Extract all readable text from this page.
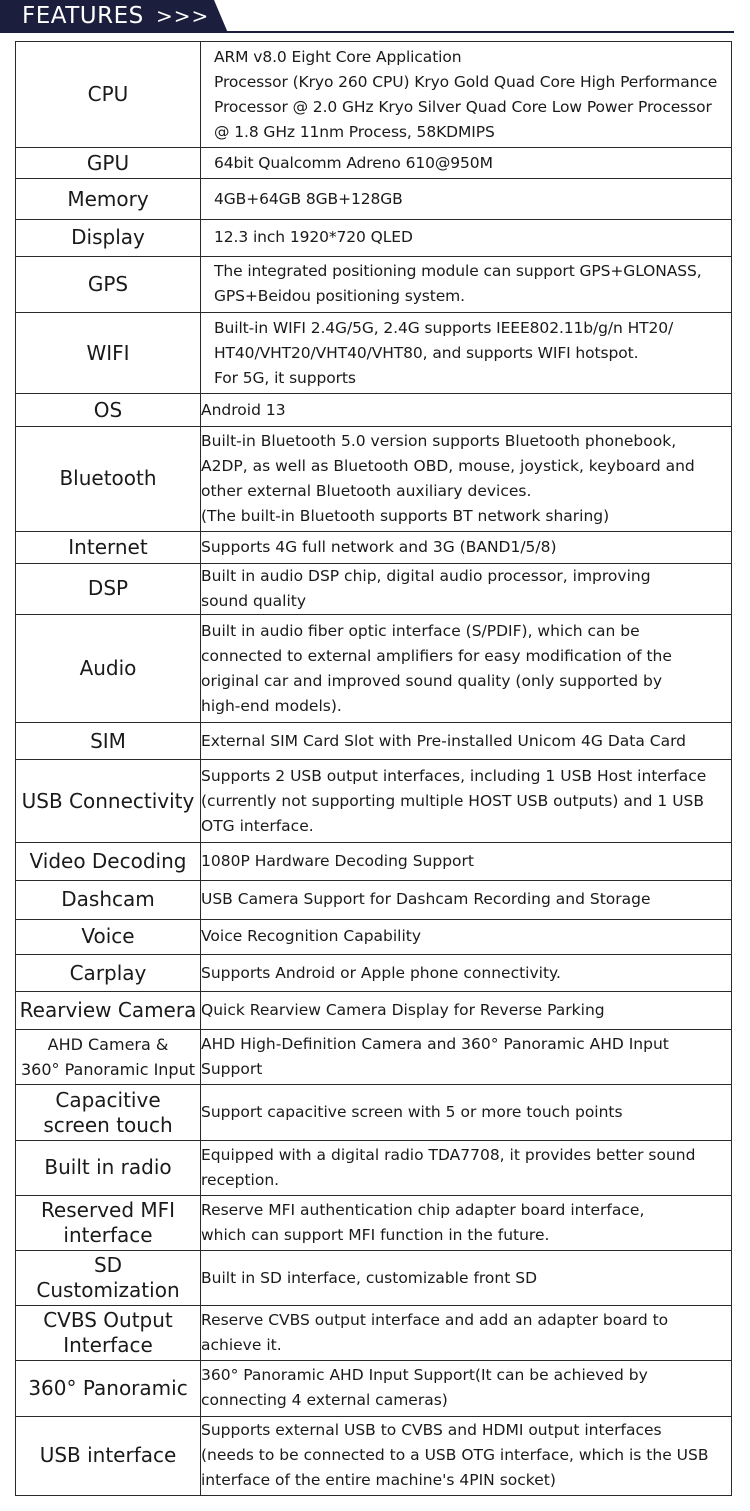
FEATURES >>>
CPU	ARM v8.0 Eight Core Application
Processor (Kryo 260 CPU) Kryo Gold Quad Core High Performance
Processor @ 2.0 GHz Kryo Silver Quad Core Low Power Processor
@ 1.8 GHz 11nm Process, 58KDMIPS
GPU	64bit Qualcomm Adreno 610@950M
Memory	4GB+64GB 8GB+128GB
Display	12.3 inch 1920*720 QLED
GPS	The integrated positioning module can support GPS+GLONASS,
GPS+Beidou positioning system.
WIFI	Built-in WIFI 2.4G/5G, 2.4G supports IEEE802.11b/g/n HT20/
HT40/VHT20/VHT40/VHT80, and supports WIFI hotspot.
For 5G, it supports
OS	Android 13
Bluetooth	Built-in Bluetooth 5.0 version supports Bluetooth phonebook,
A2DP, as well as Bluetooth OBD, mouse, joystick, keyboard and
other external Bluetooth auxiliary devices.
(The built-in Bluetooth supports BT network sharing)
Internet	Supports 4G full network and 3G (BAND1/5/8)
DSP	Built in audio DSP chip, digital audio processor, improving
sound quality
Audio	Built in audio fiber optic interface (S/PDIF), which can be
connected to external amplifiers for easy modification of the
original car and improved sound quality (only supported by
high-end models).
SIM	External SIM Card Slot with Pre-installed Unicom 4G Data Card
USB Connectivity	Supports 2 USB output interfaces, including 1 USB Host interface
(currently not supporting multiple HOST USB outputs) and 1 USB
OTG interface.
Video Decoding	1080P Hardware Decoding Support
Dashcam	USB Camera Support for Dashcam Recording and Storage
Voice	Voice Recognition Capability
Carplay	Supports Android or Apple phone connectivity.
Rearview Camera	Quick Rearview Camera Display for Reverse Parking
AHD Camera &
360° Panoramic Input	AHD High-Definition Camera and 360° Panoramic AHD Input
Support
Capacitive
screen touch	Support capacitive screen with 5 or more touch points
Built in radio	Equipped with a digital radio TDA7708, it provides better sound
reception.
Reserved MFI
interface	Reserve MFI authentication chip adapter board interface,
which can support MFI function in the future.
SD
Customization	Built in SD interface, customizable front SD
CVBS Output
Interface	Reserve CVBS output interface and add an adapter board to
achieve it.
360° Panoramic	360° Panoramic AHD Input Support(It can be achieved by
connecting 4 external cameras)
USB interface	Supports external USB to CVBS and HDMI output interfaces
(needs to be connected to a USB OTG interface, which is the USB
interface of the entire machine's 4PIN socket)
